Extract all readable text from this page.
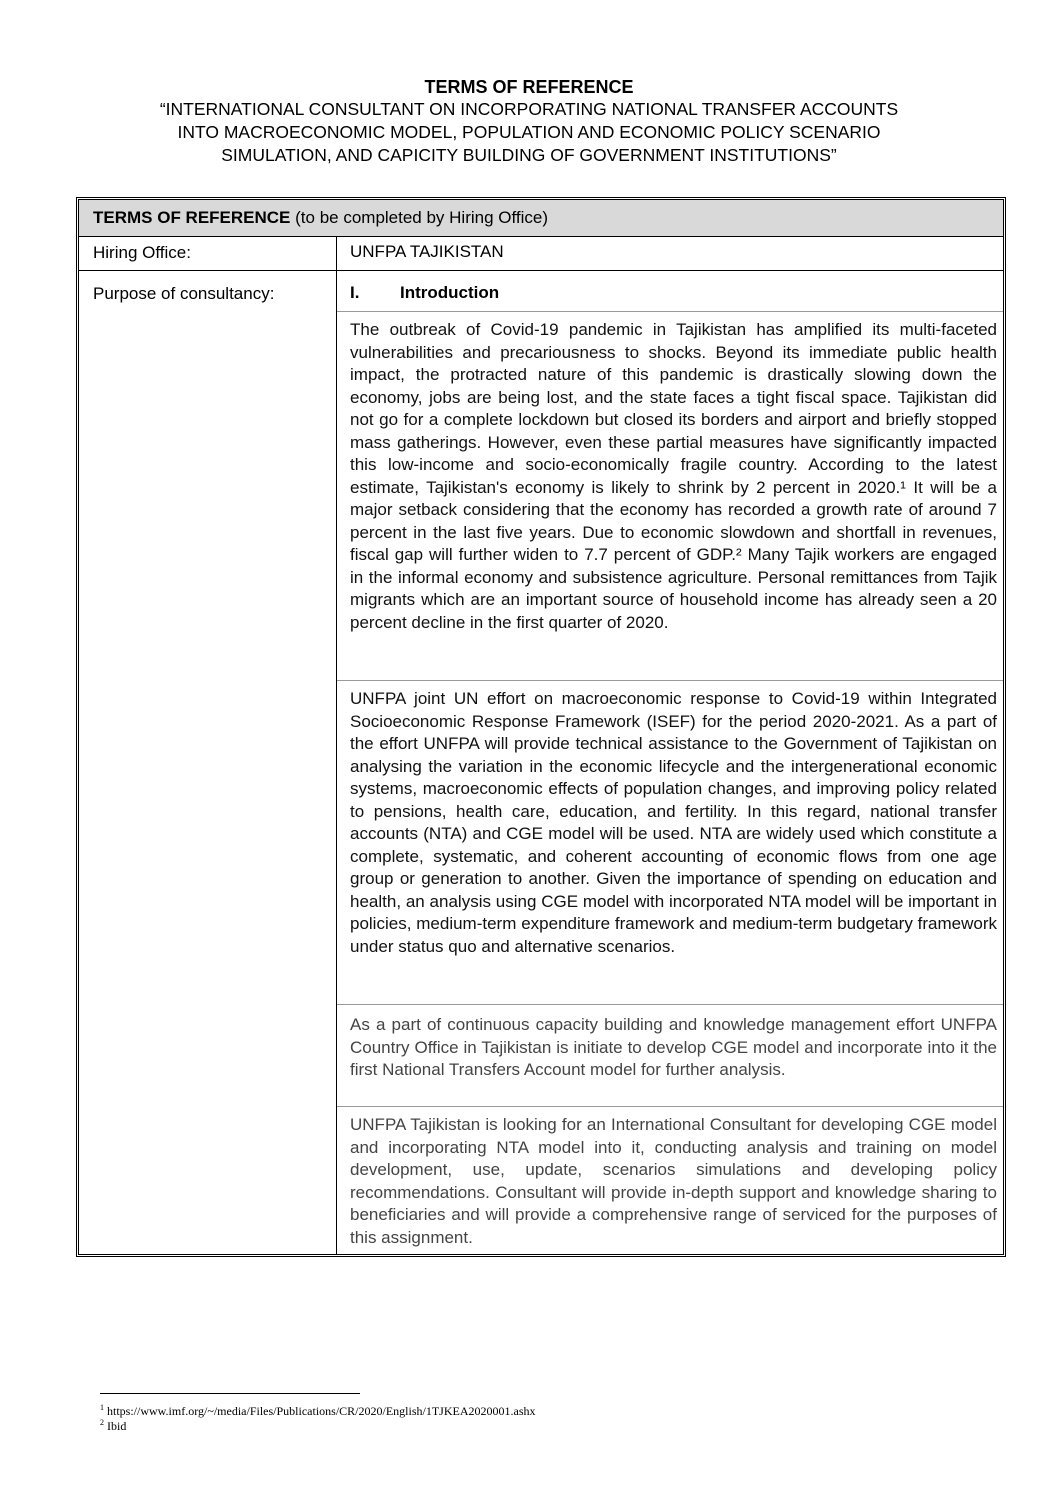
TERMS OF REFERENCE
“INTERNATIONAL CONSULTANT ON INCORPORATING NATIONAL TRANSFER ACCOUNTS
INTO MACROECONOMIC MODEL, POPULATION AND ECONOMIC POLICY SCENARIO
SIMULATION, AND CAPICITY BUILDING OF GOVERNMENT INSTITUTIONS”
TERMS OF REFERENCE (to be completed by Hiring Office)
Hiring Office:	UNFPA TAJIKISTAN
Purpose of consultancy:	I. Introduction

The outbreak of Covid-19 pandemic in Tajikistan has amplified its multi-faceted vulnerabilities and precariousness to shocks. Beyond its immediate public health impact, the protracted nature of this pandemic is drastically slowing down the economy, jobs are being lost, and the state faces a tight fiscal space. Tajikistan did not go for a complete lockdown but closed its borders and airport and briefly stopped mass gatherings. However, even these partial measures have significantly impacted this low-income and socio-economically fragile country. According to the latest estimate, Tajikistan's economy is likely to shrink by 2 percent in 2020.¹ It will be a major setback considering that the economy has recorded a growth rate of around 7 percent in the last five years. Due to economic slowdown and shortfall in revenues, fiscal gap will further widen to 7.7 percent of GDP.² Many Tajik workers are engaged in the informal economy and subsistence agriculture. Personal remittances from Tajik migrants which are an important source of household income has already seen a 20 percent decline in the first quarter of 2020.

UNFPA joint UN effort on macroeconomic response to Covid-19 within Integrated Socioeconomic Response Framework (ISEF) for the period 2020-2021. As a part of the effort UNFPA will provide technical assistance to the Government of Tajikistan on analysing the variation in the economic lifecycle and the intergenerational economic systems, macroeconomic effects of population changes, and improving policy related to pensions, health care, education, and fertility. In this regard, national transfer accounts (NTA) and CGE model will be used. NTA are widely used which constitute a complete, systematic, and coherent accounting of economic flows from one age group or generation to another. Given the importance of spending on education and health, an analysis using CGE model with incorporated NTA model will be important in policies, medium-term expenditure framework and medium-term budgetary framework under status quo and alternative scenarios.

As a part of continuous capacity building and knowledge management effort UNFPA Country Office in Tajikistan is initiate to develop CGE model and incorporate into it the first National Transfers Account model for further analysis.

UNFPA Tajikistan is looking for an International Consultant for developing CGE model and incorporating NTA model into it, conducting analysis and training on model development, use, update, scenarios simulations and developing policy recommendations. Consultant will provide in-depth support and knowledge sharing to beneficiaries and will provide a comprehensive range of serviced for the purposes of this assignment.

$^1$ https://www.imf.org/~/media/Files/Publications/CR/2020/English/1TJKEA2020001.ashx
$^2$ Ibid
